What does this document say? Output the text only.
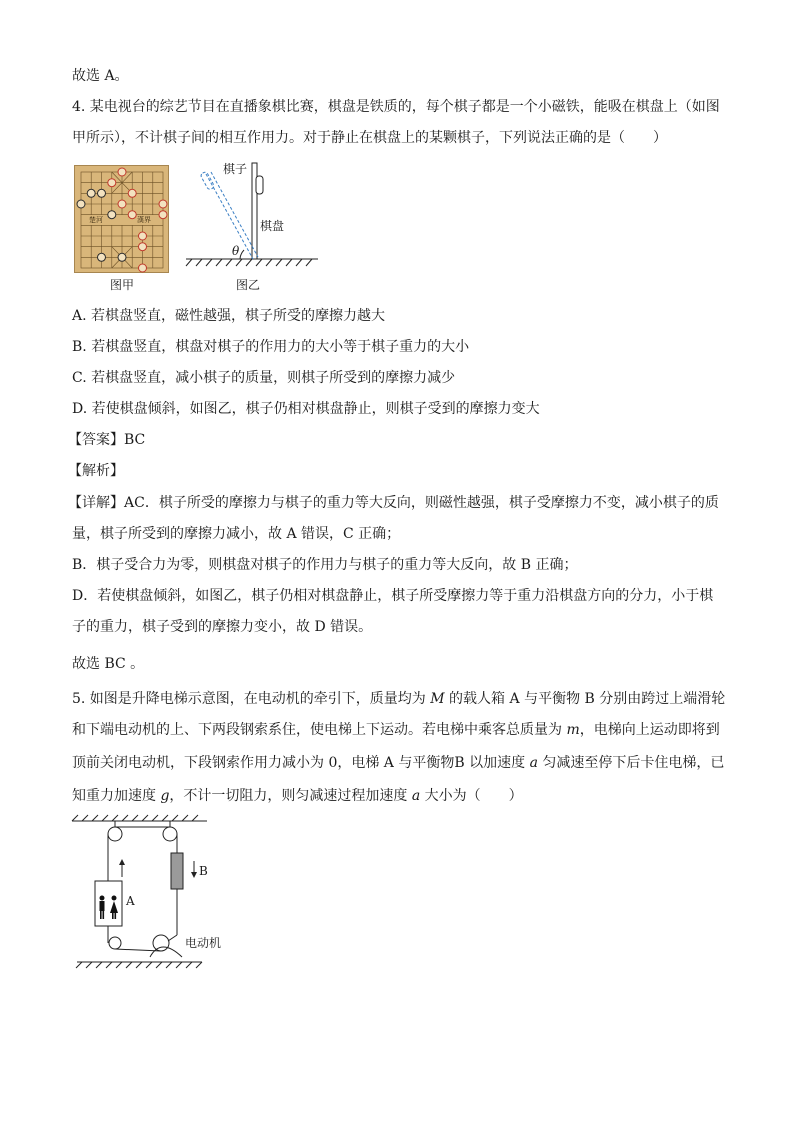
故选 A。
4. 某电视台的综艺节目在直播象棋比赛，棋盘是铁质的，每个棋子都是一个小磁铁，能吸在棋盘上（如图
甲所示），不计棋子间的相互作用力。对于静止在棋盘上的某颗棋子，下列说法正确的是（　　）
楚河	漢界
图甲
棋子
棋盘
θ
图乙
A. 若棋盘竖直，磁性越强，棋子所受的摩擦力越大
B. 若棋盘竖直，棋盘对棋子的作用力的大小等于棋子重力的大小
C. 若棋盘竖直，减小棋子的质量，则棋子所受到的摩擦力减少
D. 若使棋盘倾斜，如图乙，棋子仍相对棋盘静止，则棋子受到的摩擦力变大
【答案】BC
【解析】
【详解】AC．棋子所受的摩擦力与棋子的重力等大反向，则磁性越强，棋子受摩擦力不变，减小棋子的质
量，棋子所受到的摩擦力减小，故 A 错误，C 正确；
B．棋子受合力为零，则棋盘对棋子的作用力与棋子的重力等大反向，故 B 正确；
D．若使棋盘倾斜，如图乙，棋子仍相对棋盘静止，棋子所受摩擦力等于重力沿棋盘方向的分力，小于棋
子的重力，棋子受到的摩擦力变小，故 D 错误。
故选 BC 。
5. 如图是升降电梯示意图，在电动机的牵引下，质量均为 M 的载人箱 A 与平衡物 B 分别由跨过上端滑轮
和下端电动机的上、下两段钢索系住，使电梯上下运动。若电梯中乘客总质量为 m，电梯向上运动即将到
顶前关闭电动机，下段钢索作用力减小为 0，电梯 A 与平衡物B 以加速度 a 匀减速至停下后卡住电梯，已
知重力加速度 g，不计一切阻力，则匀减速过程加速度 a 大小为（　　）
A
B
电动机
